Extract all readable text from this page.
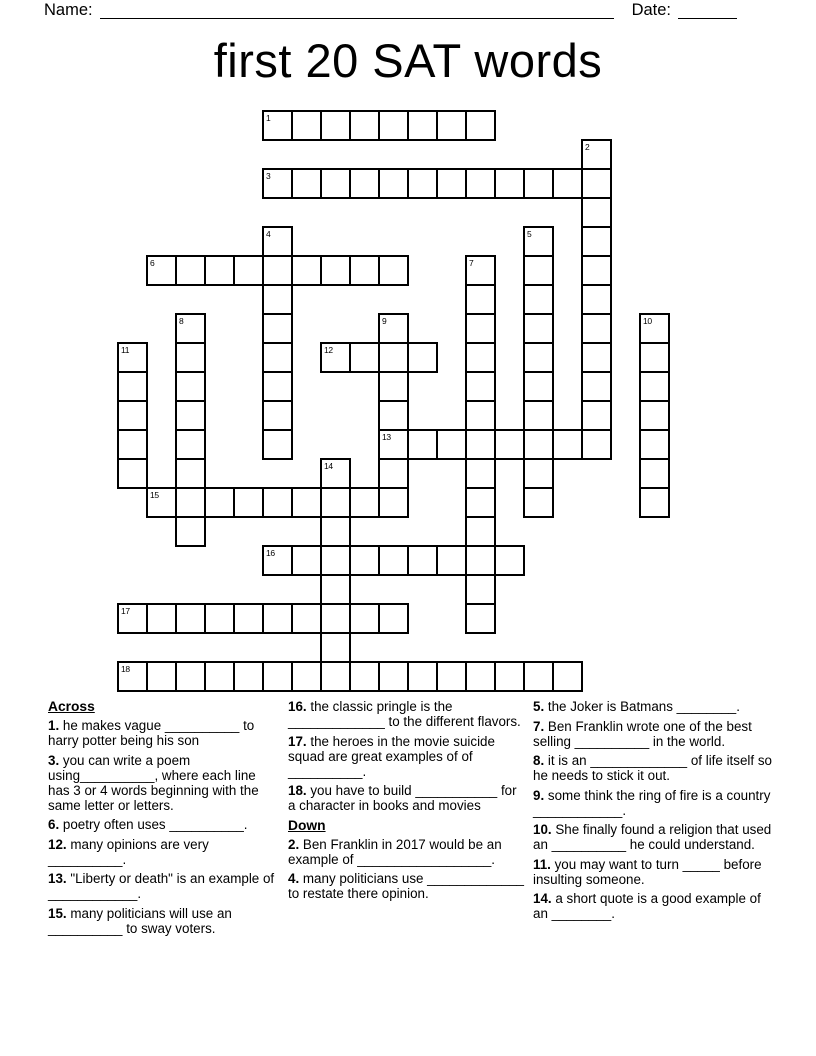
Name:	Date:
first 20 SAT words
1
3
6
12
13
15
16
17
18
2
4	5
7
8	9	10
11
14
Across
1. he makes vague __________ to harry potter being his son
3. you can write a poem using__________, where each line has 3 or 4 words beginning with the same letter or letters.
6. poetry often uses __________.
12. many opinions are very __________.
13. "Liberty or death" is an example of ____________.
15. many politicians will use an __________ to sway voters.
16. the classic pringle is the _____________ to the different flavors.
17. the heroes in the movie suicide squad are great examples of of __________.
18. you have to build ___________ for a character in books and movies
Down
2. Ben Franklin in 2017 would be an example of __________________.
4. many politicians use _____________ to restate there opinion.
5. the Joker is Batmans ________.
7. Ben Franklin wrote one of the best selling __________ in the world.
8. it is an _____________ of life itself so he needs to stick it out.
9. some think the ring of fire is a country ____________.
10. She finally found a religion that used an __________ he could understand.
11. you may want to turn _____ before insulting someone.
14. a short quote is a good example of an ________.
